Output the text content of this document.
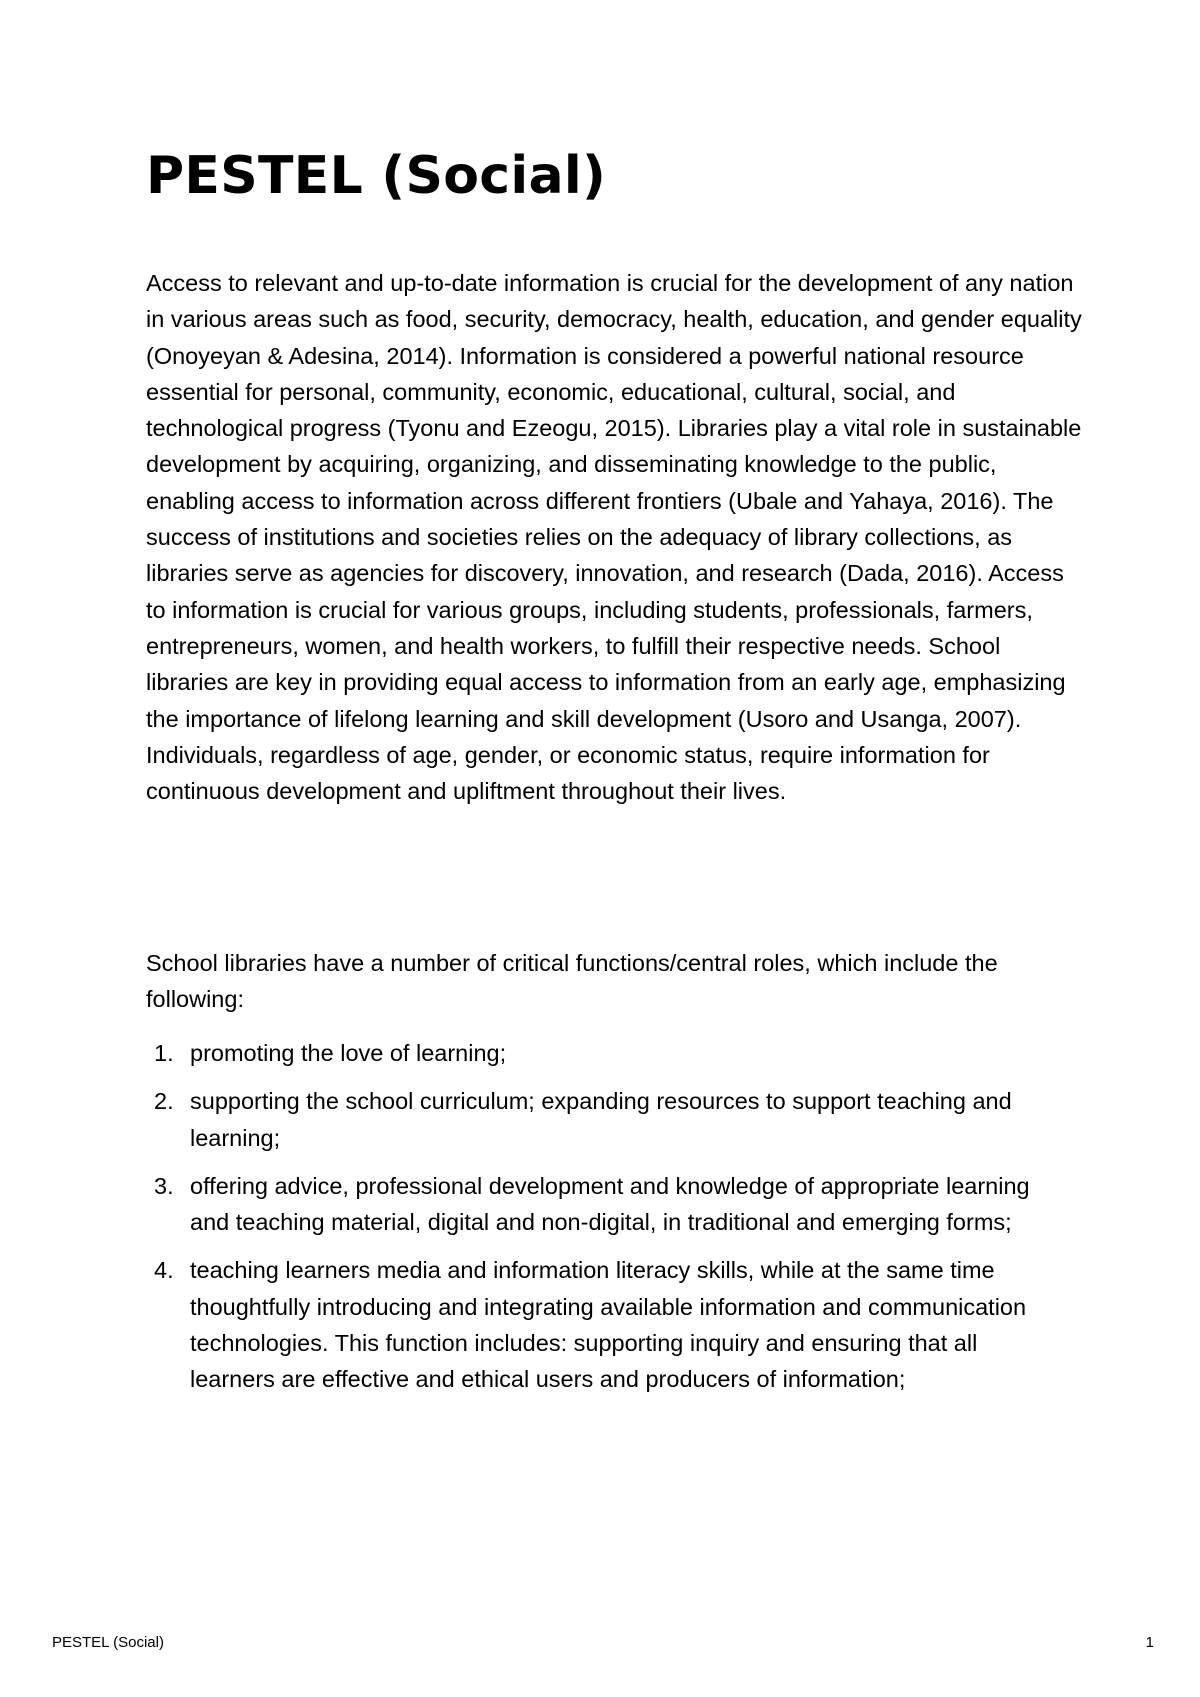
PESTEL (Social)

Access to relevant and up-to-date information is crucial for the development of any nation in various areas such as food, security, democracy, health, education, and gender equality (Onoyeyan & Adesina, 2014). Information is considered a powerful national resource essential for personal, community, economic, educational, cultural, social, and technological progress (Tyonu and Ezeogu, 2015). Libraries play a vital role in sustainable development by acquiring, organizing, and disseminating knowledge to the public, enabling access to information across different frontiers (Ubale and Yahaya, 2016). The success of institutions and societies relies on the adequacy of library collections, as libraries serve as agencies for discovery, innovation, and research (Dada, 2016). Access to information is crucial for various groups, including students, professionals, farmers, entrepreneurs, women, and health workers, to fulfill their respective needs. School libraries are key in providing equal access to information from an early age, emphasizing the importance of lifelong learning and skill development (Usoro and Usanga, 2007). Individuals, regardless of age, gender, or economic status, require information for continuous development and upliftment throughout their lives.

School libraries have a number of critical functions/central roles, which include the following:

1. promoting the love of learning;
2. supporting the school curriculum; expanding resources to support teaching and learning;
3. offering advice, professional development and knowledge of appropriate learning and teaching material, digital and non-digital, in traditional and emerging forms;
4. teaching learners media and information literacy skills, while at the same time thoughtfully introducing and integrating available information and communication technologies. This function includes: supporting inquiry and ensuring that all learners are effective and ethical users and producers of information;
PESTEL (Social)	1
